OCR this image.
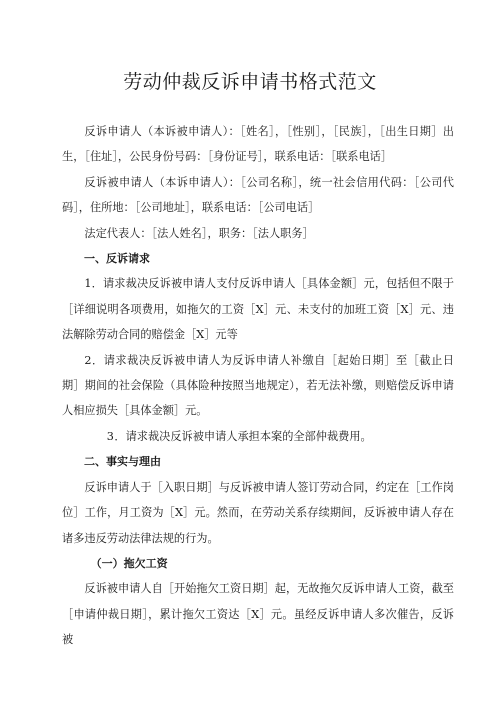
劳动仲裁反诉申请书格式范文

反诉申请人（本诉被申请人）：［姓名］，［性别］，［民族］，［出生日期］出生，［住址］，公民身份号码：［身份证号］，联系电话：［联系电话］

反诉被申请人（本诉申请人）：［公司名称］，统一社会信用代码：［公司代码］，住所地：［公司地址］，联系电话：［公司电话］

法定代表人：［法人姓名］，职务：［法人职务］

一、反诉请求

1．请求裁决反诉被申请人支付反诉申请人［具体金额］元，包括但不限于［详细说明各项费用，如拖欠的工资［X］元、未支付的加班工资［X］元、违法解除劳动合同的赔偿金［X］元等

2．请求裁决反诉被申请人为反诉申请人补缴自［起始日期］至［截止日期］期间的社会保险（具体险种按照当地规定），若无法补缴，则赔偿反诉申请人相应损失［具体金额］元。

3．请求裁决反诉被申请人承担本案的全部仲裁费用。

二、事实与理由

反诉申请人于［入职日期］与反诉被申请人签订劳动合同，约定在［工作岗位］工作，月工资为［X］元。然而，在劳动关系存续期间，反诉被申请人存在诸多违反劳动法律法规的行为。

（一）拖欠工资

反诉被申请人自［开始拖欠工资日期］起，无故拖欠反诉申请人工资，截至［申请仲裁日期］，累计拖欠工资达［X］元。虽经反诉申请人多次催告，反诉被
